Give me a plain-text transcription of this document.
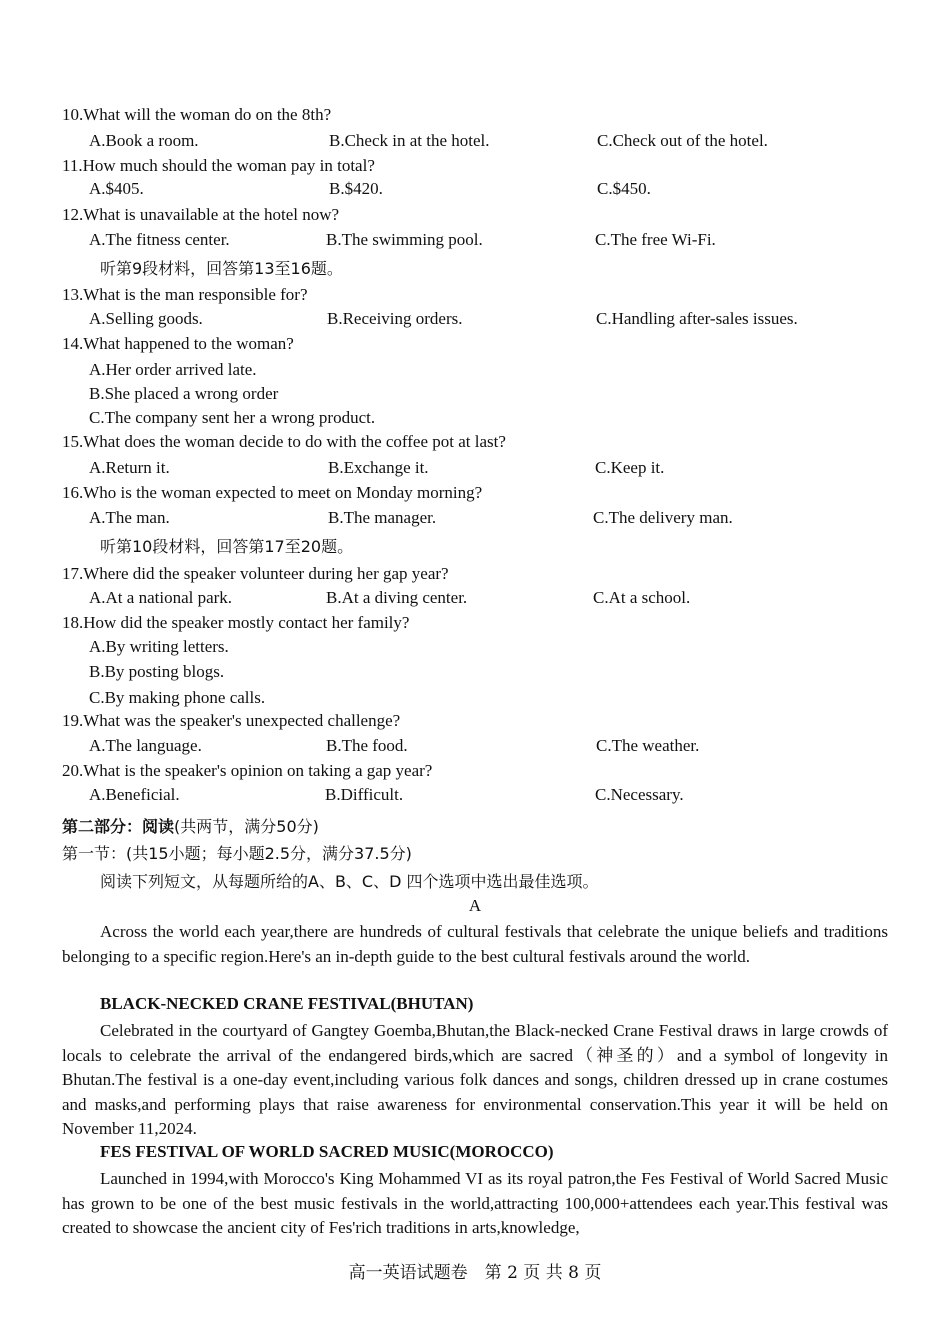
10.What will the woman do on the 8th?
A.Book a room.	B.Check in at the hotel.	C.Check out of the hotel.
11.How much should the woman pay in total?
A.$405.	B.$420.	C.$450.
12.What is unavailable at the hotel now?
A.The fitness center.	B.The swimming pool.	C.The free Wi-Fi.
听第9段材料，回答第13至16题。
13.What is the man responsible for?
A.Selling goods.	B.Receiving orders.	C.Handling after-sales issues.
14.What happened to the woman?
A.Her order arrived late.
B.She placed a wrong order
C.The company sent her a wrong product.
15.What does the woman decide to do with the coffee pot at last?
A.Return it.	B.Exchange it.	C.Keep it.
16.Who is the woman expected to meet on Monday morning?
A.The man.	B.The manager.	C.The delivery man.
听第10段材料，回答第17至20题。
17.Where did the speaker volunteer during her gap year?
A.At a national park.	B.At a diving center.	C.At a school.
18.How did the speaker mostly contact her family?
A.By writing letters.
B.By posting blogs.
C.By making phone calls.
19.What was the speaker's unexpected challenge?
A.The language.	B.The food.	C.The weather.
20.What is the speaker's opinion on taking a gap year?
A.Beneficial.	B.Difficult.	C.Necessary.
第二部分：阅读(共两节，满分50分)
第一节：(共15小题；每小题2.5分，满分37.5分)
阅读下列短文，从每题所给的A、B、C、D 四个选项中选出最佳选项。
A

Across the world each year,there are hundreds of cultural festivals that celebrate the unique beliefs and traditions belonging to a specific region.Here's an in-depth guide to the best cultural festivals around the world.

BLACK-NECKED CRANE FESTIVAL(BHUTAN)

Celebrated in the courtyard of Gangtey Goemba,Bhutan,the Black-necked Crane Festival draws in large crowds of locals to celebrate the arrival of the endangered birds,which are sacred（神圣的）and a symbol of longevity in Bhutan.The festival is a one-day event,including various folk dances and songs, children dressed up in crane costumes and masks,and performing plays that raise awareness for environmental conservation.This year it will be held on November 11,2024.

FES FESTIVAL OF WORLD SACRED MUSIC(MOROCCO)

Launched in 1994,with Morocco's King Mohammed VI as its royal patron,the Fes Festival of World Sacred Music has grown to be one of the best music festivals in the world,attracting 100,000+attendees each year.This festival was created to showcase the ancient city of Fes'rich traditions in arts,knowledge,

高一英语试题卷　第 2 页 共 8 页
